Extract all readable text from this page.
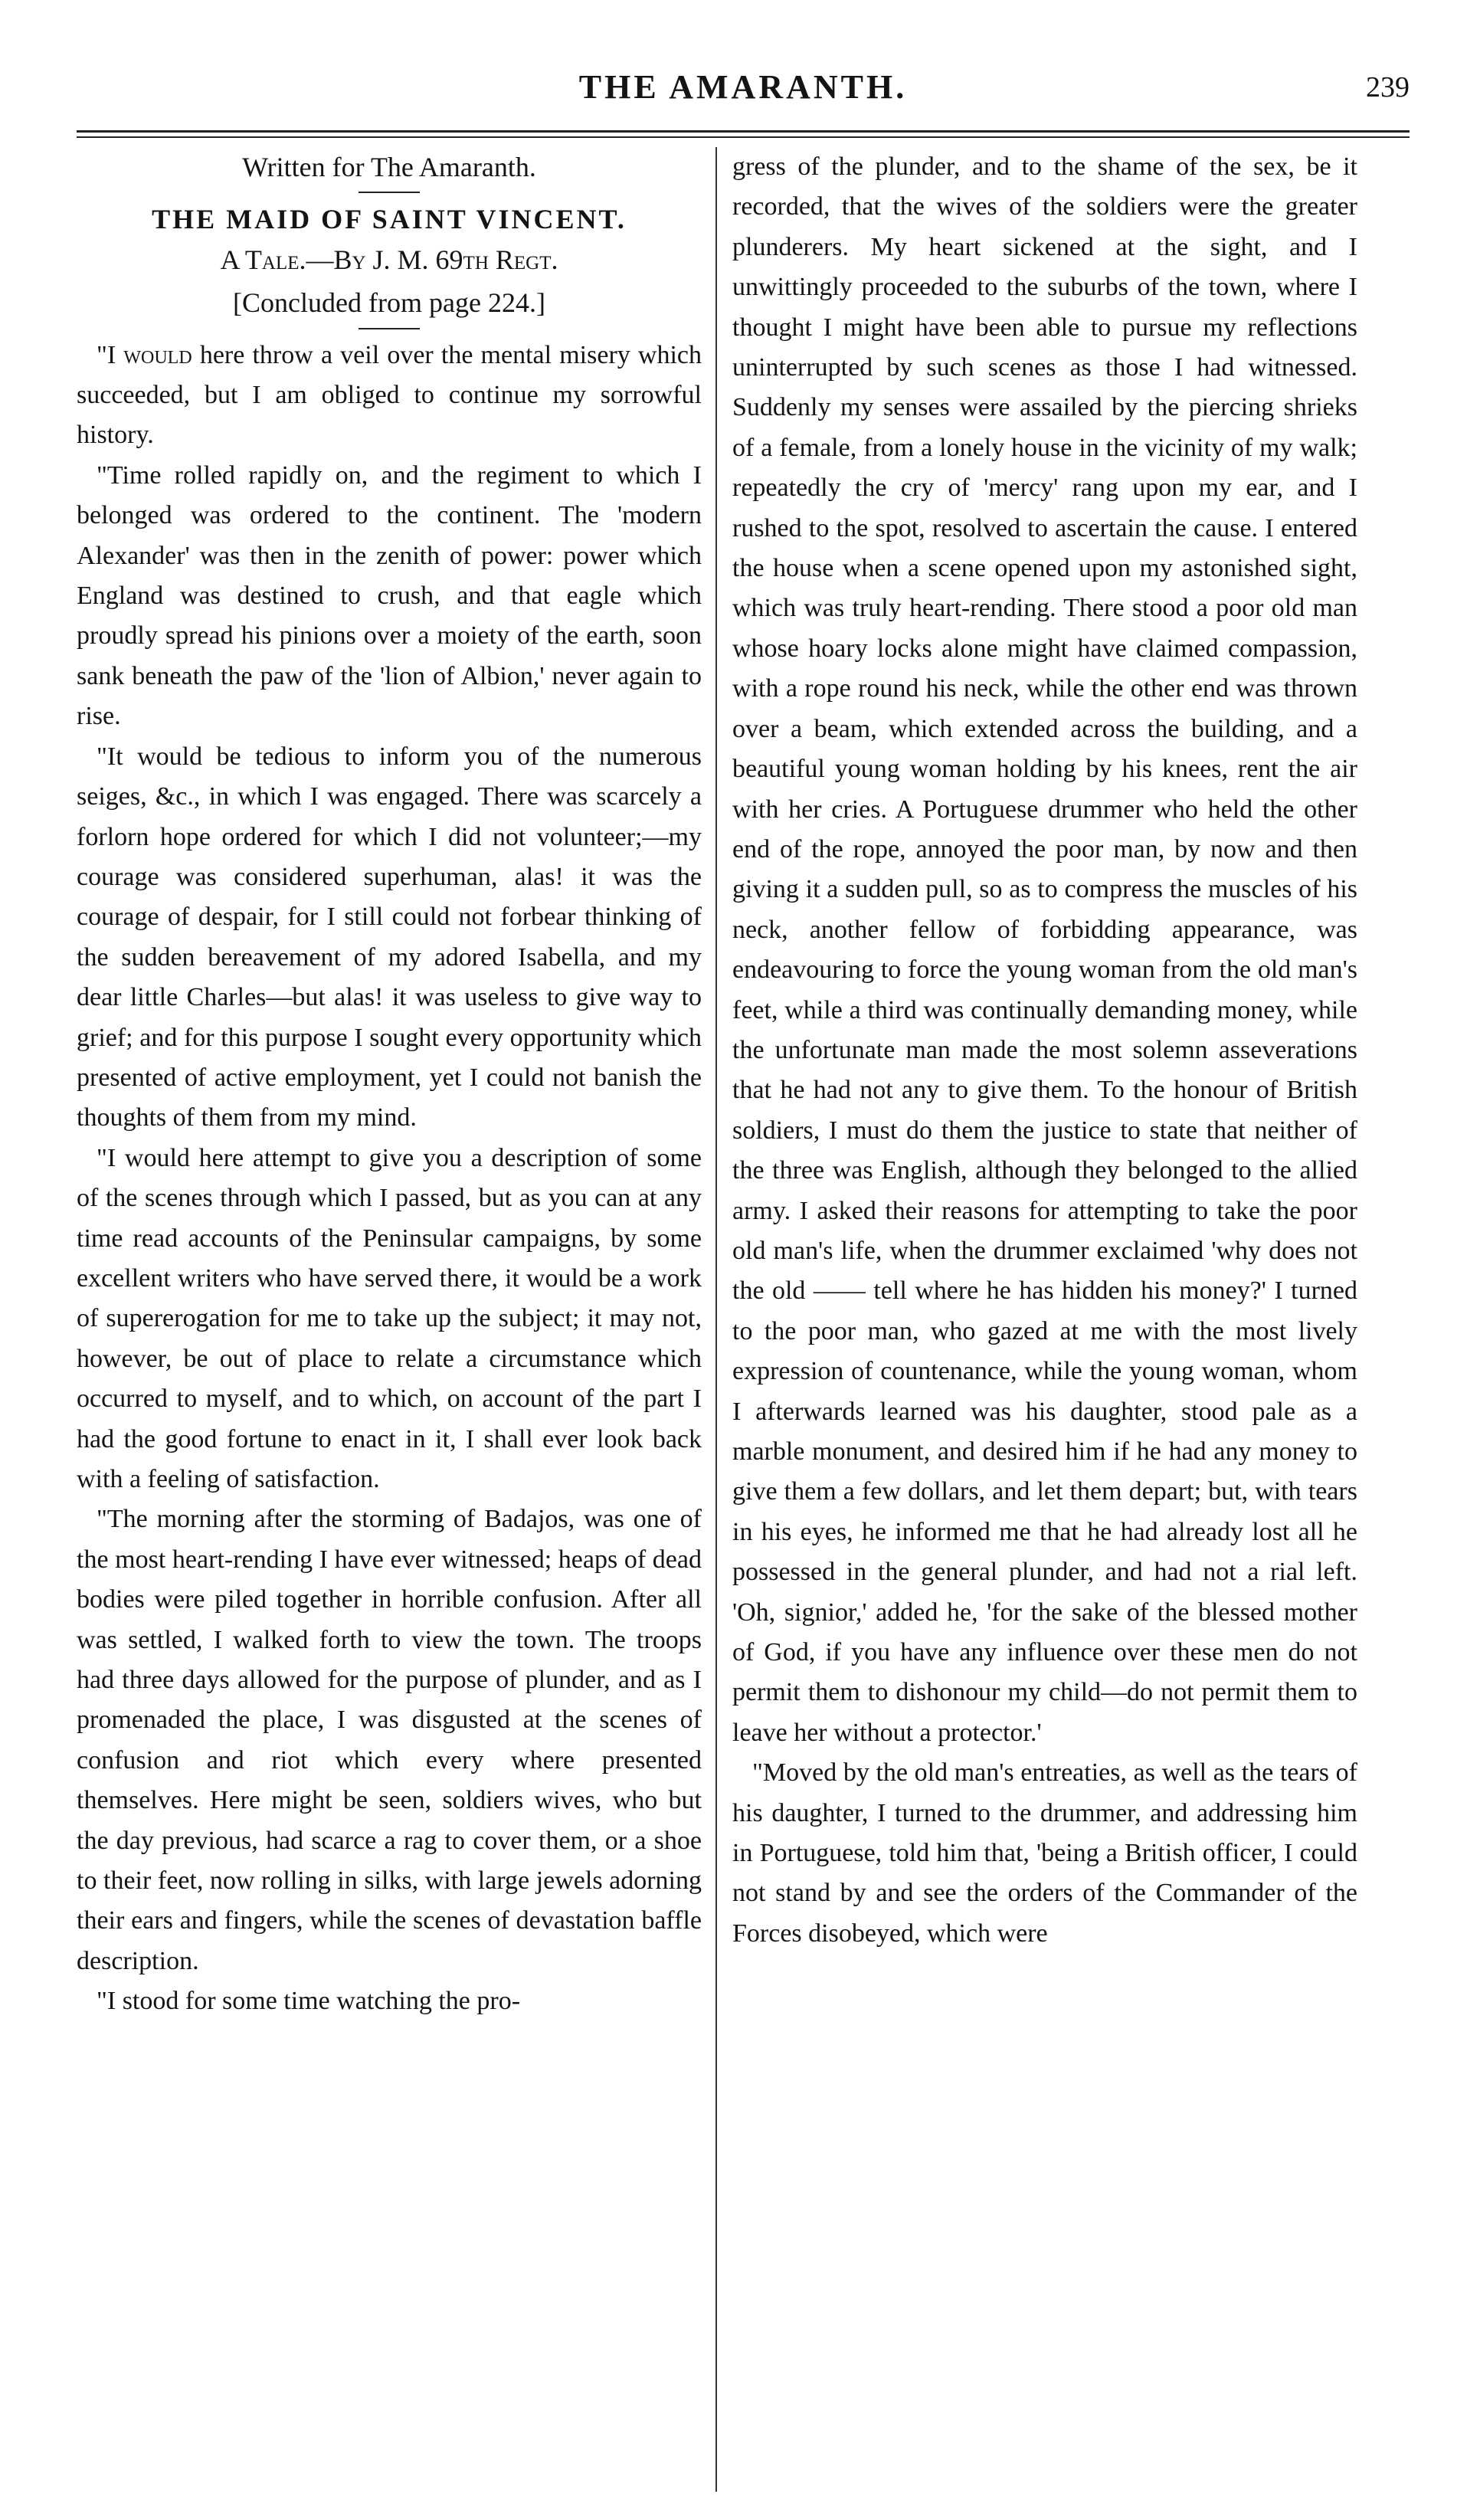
THE AMARANTH.	239

Written for The Amaranth.

THE MAID OF SAINT VINCENT.

A Tale.—By J. M. 69th Regt.

[Concluded from page 224.]

"I would here throw a veil over the mental misery which succeeded, but I am obliged to continue my sorrowful history.

"Time rolled rapidly on, and the regiment to which I belonged was ordered to the continent. The 'modern Alexander' was then in the zenith of power: power which England was destined to crush, and that eagle which proudly spread his pinions over a moiety of the earth, soon sank beneath the paw of the 'lion of Albion,' never again to rise.

"It would be tedious to inform you of the numerous seiges, &c., in which I was engaged. There was scarcely a forlorn hope ordered for which I did not volunteer;—my courage was considered superhuman, alas! it was the courage of despair, for I still could not forbear thinking of the sudden bereavement of my adored Isabella, and my dear little Charles—but alas! it was useless to give way to grief; and for this purpose I sought every opportunity which presented of active employment, yet I could not banish the thoughts of them from my mind.

"I would here attempt to give you a description of some of the scenes through which I passed, but as you can at any time read accounts of the Peninsular campaigns, by some excellent writers who have served there, it would be a work of supererogation for me to take up the subject; it may not, however, be out of place to relate a circumstance which occurred to myself, and to which, on account of the part I had the good fortune to enact in it, I shall ever look back with a feeling of satisfaction.

"The morning after the storming of Badajos, was one of the most heart-rending I have ever witnessed; heaps of dead bodies were piled together in horrible confusion. After all was settled, I walked forth to view the town. The troops had three days allowed for the purpose of plunder, and as I promenaded the place, I was disgusted at the scenes of confusion and riot which every where presented themselves. Here might be seen, soldiers wives, who but the day previous, had scarce a rag to cover them, or a shoe to their feet, now rolling in silks, with large jewels adorning their ears and fingers, while the scenes of devastation baffle description.

"I stood for some time watching the pro-

gress of the plunder, and to the shame of the sex, be it recorded, that the wives of the soldiers were the greater plunderers. My heart sickened at the sight, and I unwittingly proceeded to the suburbs of the town, where I thought I might have been able to pursue my reflections uninterrupted by such scenes as those I had witnessed. Suddenly my senses were assailed by the piercing shrieks of a female, from a lonely house in the vicinity of my walk; repeatedly the cry of 'mercy' rang upon my ear, and I rushed to the spot, resolved to ascertain the cause. I entered the house when a scene opened upon my astonished sight, which was truly heart-rending. There stood a poor old man whose hoary locks alone might have claimed compassion, with a rope round his neck, while the other end was thrown over a beam, which extended across the building, and a beautiful young woman holding by his knees, rent the air with her cries. A Portuguese drummer who held the other end of the rope, annoyed the poor man, by now and then giving it a sudden pull, so as to compress the muscles of his neck, another fellow of forbidding appearance, was endeavouring to force the young woman from the old man's feet, while a third was continually demanding money, while the unfortunate man made the most solemn asseverations that he had not any to give them. To the honour of British soldiers, I must do them the justice to state that neither of the three was English, although they belonged to the allied army. I asked their reasons for attempting to take the poor old man's life, when the drummer exclaimed 'why does not the old —— tell where he has hidden his money?' I turned to the poor man, who gazed at me with the most lively expression of countenance, while the young woman, whom I afterwards learned was his daughter, stood pale as a marble monument, and desired him if he had any money to give them a few dollars, and let them depart; but, with tears in his eyes, he informed me that he had already lost all he possessed in the general plunder, and had not a rial left. 'Oh, signior,' added he, 'for the sake of the blessed mother of God, if you have any influence over these men do not permit them to dishonour my child—do not permit them to leave her without a protector.'

"Moved by the old man's entreaties, as well as the tears of his daughter, I turned to the drummer, and addressing him in Portuguese, told him that, 'being a British officer, I could not stand by and see the orders of the Commander of the Forces disobeyed, which were
